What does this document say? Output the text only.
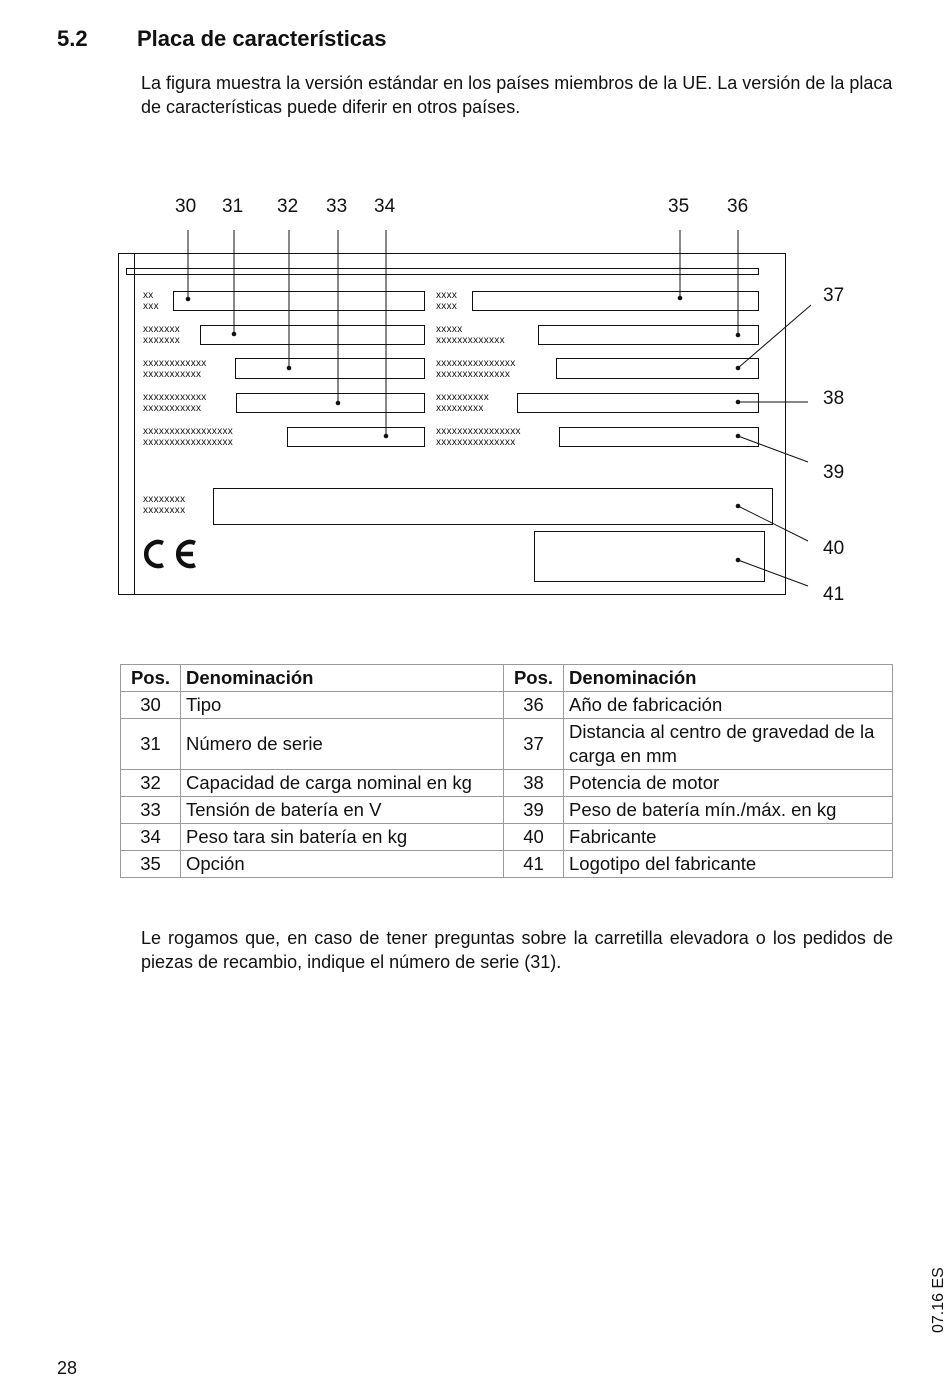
5.2 Placa de características
La figura muestra la versión estándar en los países miembros de la UE. La versión de la placa de características puede diferir en otros países.
30 31 32 33 34	35 36
37
38
39
40
41
xx
xxx
xxxxxxx
xxxxxxx
xxxxxxxxxxxx
xxxxxxxxxxx
xxxxxxxxxxxx
xxxxxxxxxxx
xxxxxxxxxxxxxxxxx
xxxxxxxxxxxxxxxxx
xxxx
xxxx
xxxxx
xxxxxxxxxxxxx
xxxxxxxxxxxxxxx
xxxxxxxxxxxxxx
xxxxxxxxxx
xxxxxxxxx
xxxxxxxxxxxxxxxx
xxxxxxxxxxxxxxx
xxxxxxxx
xxxxxxxx
Pos.	Denominación	Pos.	Denominación
30	Tipo	36	Año de fabricación
31	Número de serie	37	Distancia al centro de gravedad de la carga en mm
32	Capacidad de carga nominal en kg	38	Potencia de motor
33	Tensión de batería en V	39	Peso de batería mín./máx. en kg
34	Peso tara sin batería en kg	40	Fabricante
35	Opción	41	Logotipo del fabricante
Le rogamos que, en caso de tener preguntas sobre la carretilla elevadora o los pedidos de piezas de recambio, indique el número de serie (31).
28
07.16 ES
